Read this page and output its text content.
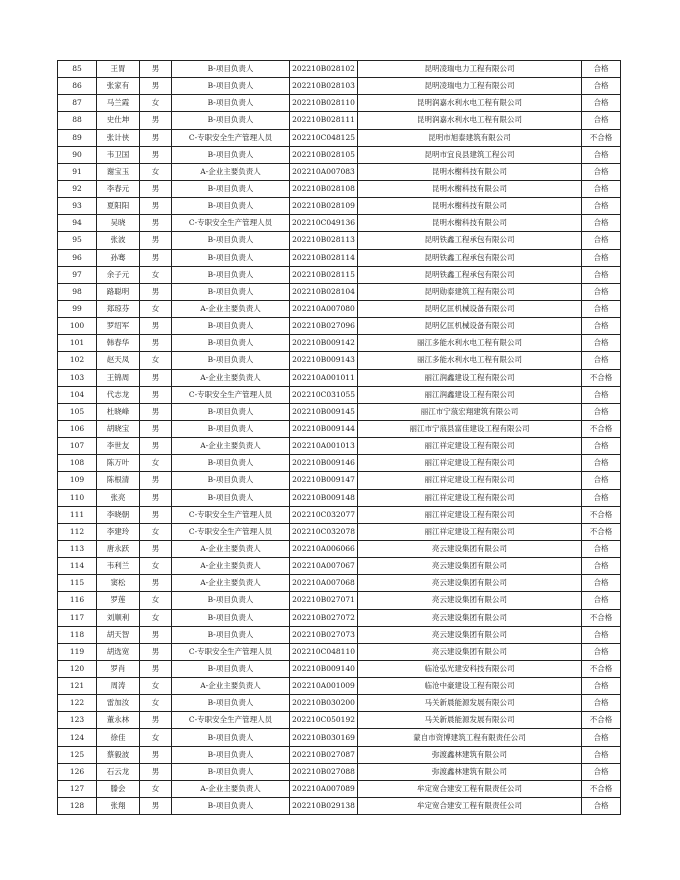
85	王胃	男	B-项目负责人	202210B028102	昆明凌瑞电力工程有限公司	合格
86	张家有	男	B-项目负责人	202210B028103	昆明凌瑞电力工程有限公司	合格
87	马兰霞	女	B-项目负责人	202210B028110	昆明润嘉水利水电工程有限公司	合格
88	史仕坤	男	B-项目负责人	202210B028111	昆明润嘉水利水电工程有限公司	合格
89	张计侠	男	C-专职安全生产管理人员	202210C048125	昆明市旭泰建筑有限公司	不合格
90	韦卫国	男	B-项目负责人	202210B028105	昆明市宜良县建筑工程公司	合格
91	谢宝玉	女	A-企业主要负责人	202210A007083	昆明水榭科技有限公司	合格
92	李春元	男	B-项目负责人	202210B028108	昆明水榭科技有限公司	合格
93	夏阳阳	男	B-项目负责人	202210B028109	昆明水榭科技有限公司	合格
94	吴晓	男	C-专职安全生产管理人员	202210C049136	昆明水榭科技有限公司	合格
95	张波	男	B-项目负责人	202210B028113	昆明铁鑫工程承包有限公司	合格
96	孙骞	男	B-项目负责人	202210B028114	昆明铁鑫工程承包有限公司	合格
97	余子元	女	B-项目负责人	202210B028115	昆明铁鑫工程承包有限公司	合格
98	路聪明	男	B-项目负责人	202210B028104	昆明勋泰建筑工程有限公司	合格
99	郑琼芬	女	A-企业主要负责人	202210A007080	昆明亿匡机械设备有限公司	合格
100	罗绍军	男	B-项目负责人	202210B027096	昆明亿匡机械设备有限公司	合格
101	韩春华	男	B-项目负责人	202210B009142	丽江多能水利水电工程有限公司	合格
102	赵天凤	女	B-项目负责人	202210B009143	丽江多能水利水电工程有限公司	合格
103	王锦周	男	A-企业主要负责人	202210A001011	丽江润鑫建设工程有限公司	不合格
104	代志龙	男	C-专职安全生产管理人员	202210C031055	丽江润鑫建设工程有限公司	合格
105	杜晓峰	男	B-项目负责人	202210B009145	丽江市宁蒗宏翔建筑有限公司	合格
106	胡晓宝	男	B-项目负责人	202210B009144	丽江市宁蒗县富佳建设工程有限公司	不合格
107	李世友	男	A-企业主要负责人	202210A001013	丽江祥定建设工程有限公司	合格
108	陈万叶	女	B-项目负责人	202210B009146	丽江祥定建设工程有限公司	合格
109	陈根清	男	B-项目负责人	202210B009147	丽江祥定建设工程有限公司	合格
110	张亮	男	B-项目负责人	202210B009148	丽江祥定建设工程有限公司	合格
111	李晓朝	男	C-专职安全生产管理人员	202210C032077	丽江祥定建设工程有限公司	不合格
112	李建玲	女	C-专职安全生产管理人员	202210C032078	丽江祥定建设工程有限公司	不合格
113	唐永跃	男	A-企业主要负责人	202210A006066	亮云建设集团有限公司	合格
114	韦利兰	女	A-企业主要负责人	202210A007067	亮云建设集团有限公司	合格
115	窦松	男	A-企业主要负责人	202210A007068	亮云建设集团有限公司	合格
116	罗莲	女	B-项目负责人	202210B027071	亮云建设集团有限公司	合格
117	刘顺利	女	B-项目负责人	202210B027072	亮云建设集团有限公司	不合格
118	胡天智	男	B-项目负责人	202210B027073	亮云建设集团有限公司	合格
119	胡选宽	男	C-专职安全生产管理人员	202210C048110	亮云建设集团有限公司	合格
120	罗肖	男	B-项目负责人	202210B009140	临沧弘光建安科技有限公司	不合格
121	周涛	女	A-企业主要负责人	202210A001009	临沧中豪建设工程有限公司	合格
122	雷加汝	女	B-项目负责人	202210B030200	马关新晨能源发展有限公司	合格
123	董永林	男	C-专职安全生产管理人员	202210C050192	马关新晨能源发展有限公司	不合格
124	徐佳	女	B-项目负责人	202210B030169	蒙自市资博建筑工程有限责任公司	合格
125	蔡毅波	男	B-项目负责人	202210B027087	弥渡鑫林建筑有限公司	合格
126	石云龙	男	B-项目负责人	202210B027088	弥渡鑫林建筑有限公司	合格
127	滕会	女	A-企业主要负责人	202210A007089	牟定宽合建安工程有限责任公司	不合格
128	张翔	男	B-项目负责人	202210B029138	牟定宽合建安工程有限责任公司	合格
